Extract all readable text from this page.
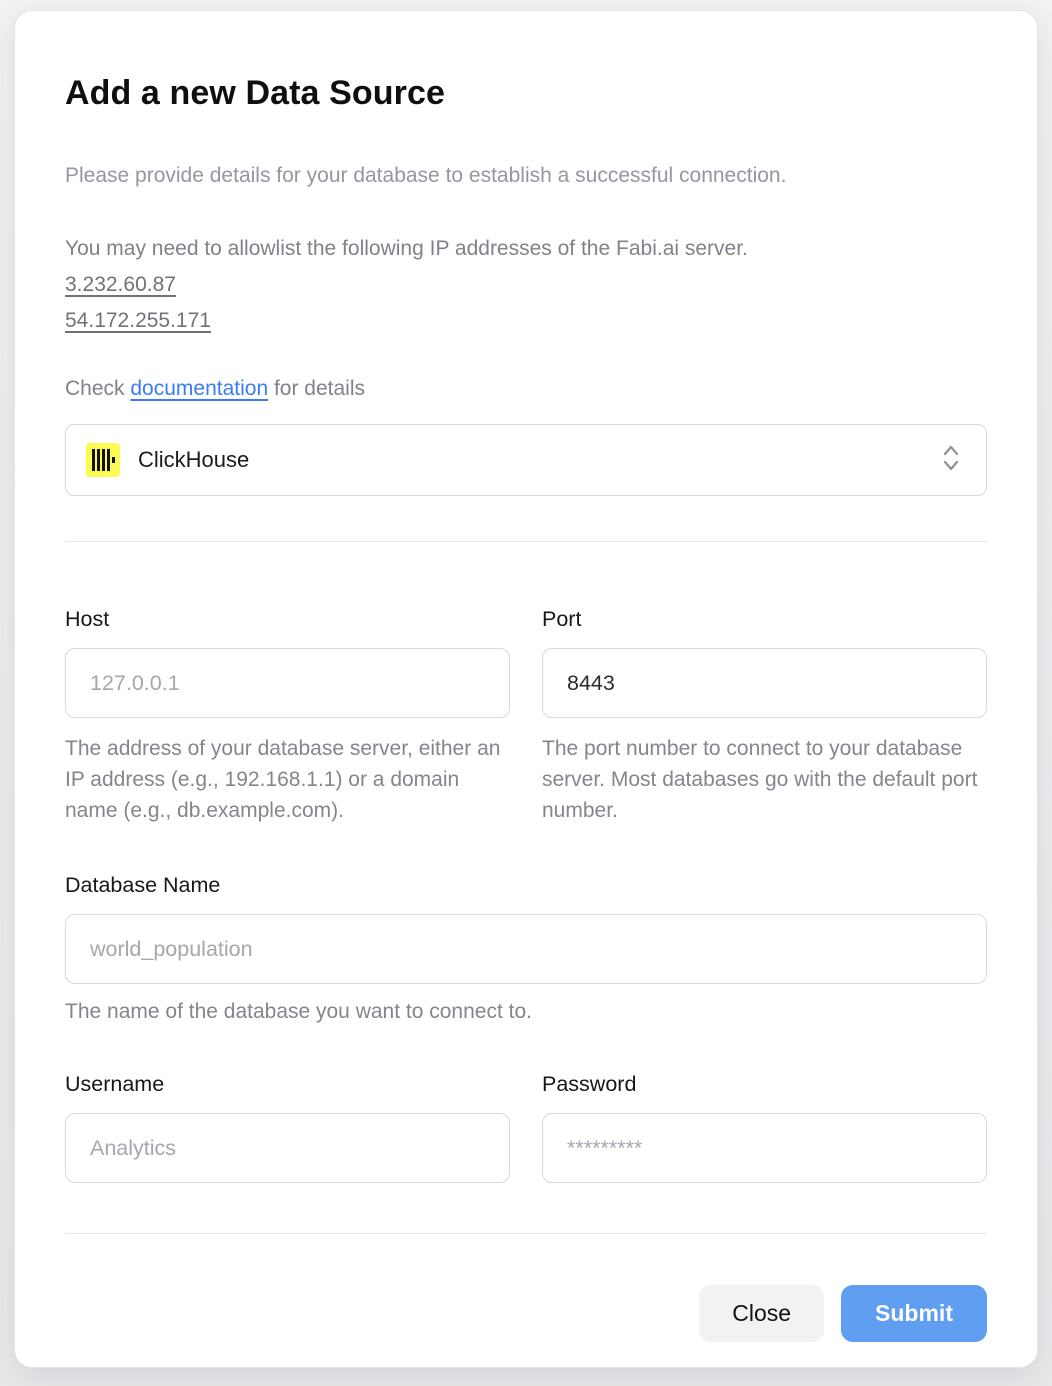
Add a new Data Source

Please provide details for your database to establish a successful connection.

You may need to allowlist the following IP addresses of the Fabi.ai server.
3.232.60.87
54.172.255.171

Check documentation for details

ClickHouse
Host
127.0.0.1

The address of your database server, either an IP address (e.g., 192.168.1.1) or a domain name (e.g., db.example.com).

Port
8443

The port number to connect to your database server. Most databases go with the default port number.

Database Name
world_population

The name of the database you want to connect to.

Username
Analytics	Password
*********
Close	Submit
